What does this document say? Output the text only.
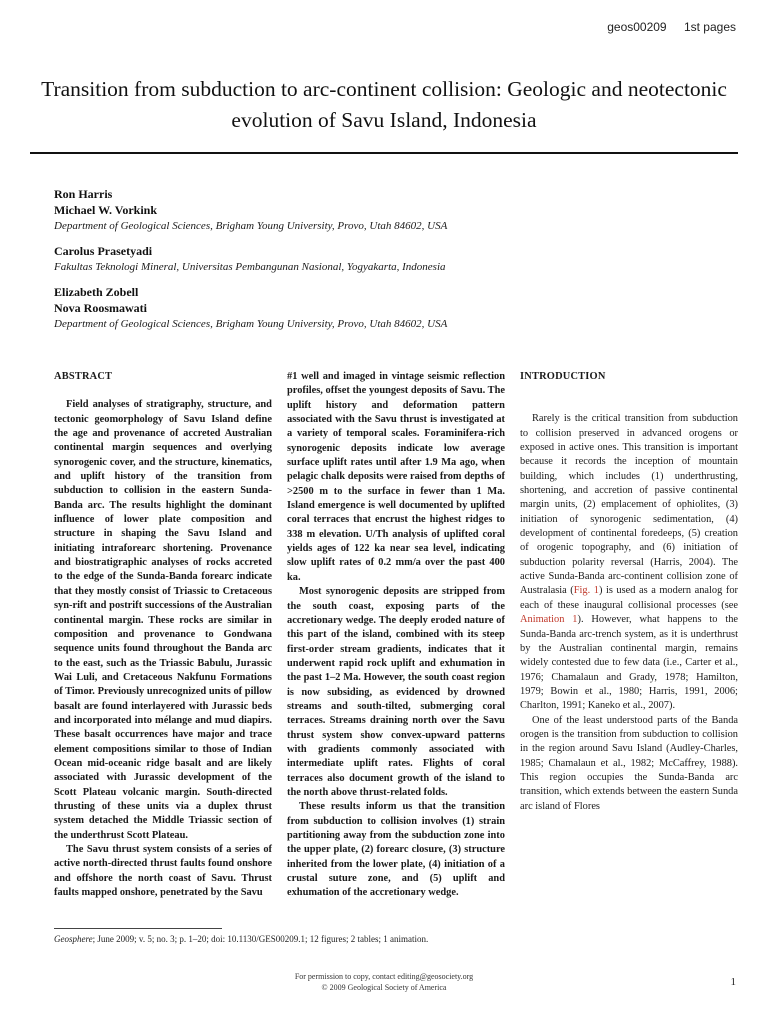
geos00209 1st pages
Transition from subduction to arc-continent collision: Geologic and neotectonic evolution of Savu Island, Indonesia
Ron Harris
Michael W. Vorkink
Department of Geological Sciences, Brigham Young University, Provo, Utah 84602, USA
Carolus Prasetyadi
Fakultas Teknologi Mineral, Universitas Pembangunan Nasional, Yogyakarta, Indonesia
Elizabeth Zobell
Nova Roosmawati
Department of Geological Sciences, Brigham Young University, Provo, Utah 84602, USA
ABSTRACT

Field analyses of stratigraphy, structure, and tectonic geomorphology of Savu Island define the age and provenance of accreted Australian continental margin sequences and overlying synorogenic cover, and the structure, kinematics, and uplift history of the transition from subduction to collision in the eastern Sunda-Banda arc. The results highlight the dominant influence of lower plate composition and structure in shaping the Savu Island and initiating intraforearc shortening. Provenance and biostratigraphic analyses of rocks accreted to the edge of the Sunda-Banda forearc indicate that they mostly consist of Triassic to Cretaceous syn-rift and postrift successions of the Australian continental margin. These rocks are similar in composition and provenance to Gondwana sequence units found throughout the Banda arc to the east, such as the Triassic Babulu, Jurassic Wai Luli, and Cretaceous Nakfunu Formations of Timor. Previously unrecognized units of pillow basalt are found interlayered with Jurassic beds and incorporated into mélange and mud diapirs. These basalt occurrences have major and trace element compositions similar to those of Indian Ocean mid-oceanic ridge basalt and are likely associated with Jurassic development of the Scott Plateau volcanic margin. South-directed thrusting of these units via a duplex thrust system detached the Middle Triassic section of the underthrust Scott Plateau.

The Savu thrust system consists of a series of active north-directed thrust faults found onshore and offshore the north coast of Savu. Thrust faults mapped onshore, penetrated by the Savu

#1 well and imaged in vintage seismic reflection profiles, offset the youngest deposits of Savu. The uplift history and deformation pattern associated with the Savu thrust is investigated at a variety of temporal scales. Foraminifera-rich synorogenic deposits indicate low average surface uplift rates until after 1.9 Ma ago, when pelagic chalk deposits were raised from depths of >2500 m to the surface in fewer than 1 Ma. Island emergence is well documented by uplifted coral terraces that encrust the highest ridges to 338 m elevation. U/Th analysis of uplifted coral yields ages of 122 ka near sea level, indicating slow uplift rates of 0.2 mm/a over the past 400 ka.

Most synorogenic deposits are stripped from the south coast, exposing parts of the accretionary wedge. The deeply eroded nature of this part of the island, combined with its steep first-order stream gradients, indicates that it underwent rapid rock uplift and exhumation in the past 1–2 Ma. However, the south coast region is now subsiding, as evidenced by drowned streams and south-tilted, submerging coral terraces. Streams draining north over the Savu thrust system show convex-upward patterns with gradients commonly associated with intermediate uplift rates. Flights of coral terraces also document growth of the island to the north above thrust-related folds.

These results inform us that the transition from subduction to collision involves (1) strain partitioning away from the subduction zone into the upper plate, (2) forearc closure, (3) structure inherited from the lower plate, (4) initiation of a crustal suture zone, and (5) uplift and exhumation of the accretionary wedge.

INTRODUCTION

Rarely is the critical transition from subduction to collision preserved in advanced orogens or exposed in active ones. This transition is important because it records the inception of mountain building, which includes (1) underthrusting, shortening, and accretion of passive continental margin units, (2) emplacement of ophiolites, (3) initiation of synorogenic sedimentation, (4) development of continental foredeeps, (5) creation of orogenic topography, and (6) initiation of subduction polarity reversal (Harris, 2004). The active Sunda-Banda arc-continent collision zone of Australasia (Fig. 1) is used as a modern analog for each of these inaugural collisional processes (see Animation 1). However, what happens to the Sunda-Banda arc-trench system, as it is underthrust by the Australian continental margin, remains widely contested due to few data (i.e., Carter et al., 1976; Chamalaun and Grady, 1978; Hamilton, 1979; Bowin et al., 1980; Harris, 1991, 2006; Charlton, 1991; Kaneko et al., 2007).

One of the least understood parts of the Banda orogen is the transition from subduction to collision in the region around Savu Island (Audley-Charles, 1985; Chamalaun et al., 1982; McCaffrey, 1988). This region occupies the Sunda-Banda arc transition, which extends between the eastern Sunda arc island of Flores

Geosphere; June 2009; v. 5; no. 3; p. 1–20; doi: 10.1130/GES00209.1; 12 figures; 2 tables; 1 animation.
For permission to copy, contact editing@geosociety.org
© 2009 Geological Society of America	1
